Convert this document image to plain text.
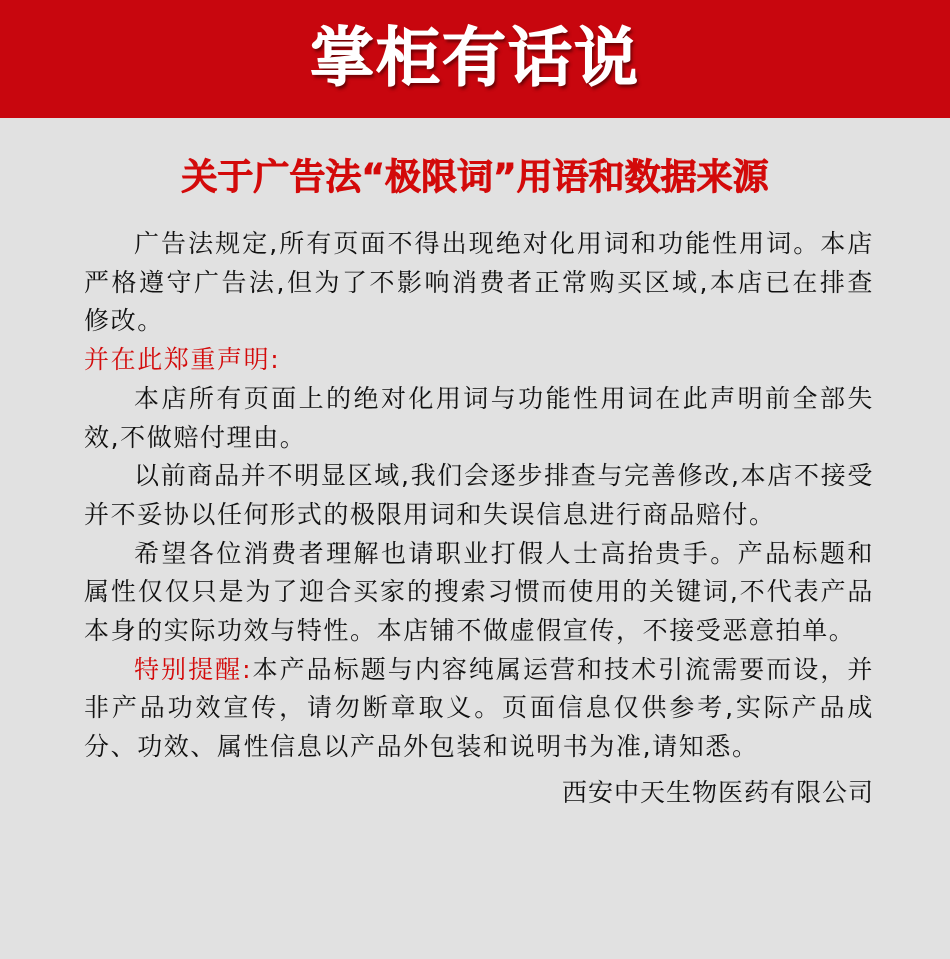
掌柜有话说
关于广告法“极限词”用语和数据来源

广告法规定,所有页面不得出现绝对化用词和功能性用词。本店严格遵守广告法,但为了不影响消费者正常购买区域,本店已在排查修改。

并在此郑重声明:

本店所有页面上的绝对化用词与功能性用词在此声明前全部失效,不做赔付理由。

以前商品并不明显区域,我们会逐步排查与完善修改,本店不接受并不妥协以任何形式的极限用词和失误信息进行商品赔付。

希望各位消费者理解也请职业打假人士高抬贵手。产品标题和属性仅仅只是为了迎合买家的搜索习惯而使用的关键词,不代表产品本身的实际功效与特性。本店铺不做虚假宣传，不接受恶意拍单。

特别提醒:本产品标题与内容纯属运营和技术引流需要而设，并非产品功效宣传，请勿断章取义。页面信息仅供参考,实际产品成分、功效、属性信息以产品外包装和说明书为准,请知悉。

西安中天生物医药有限公司
